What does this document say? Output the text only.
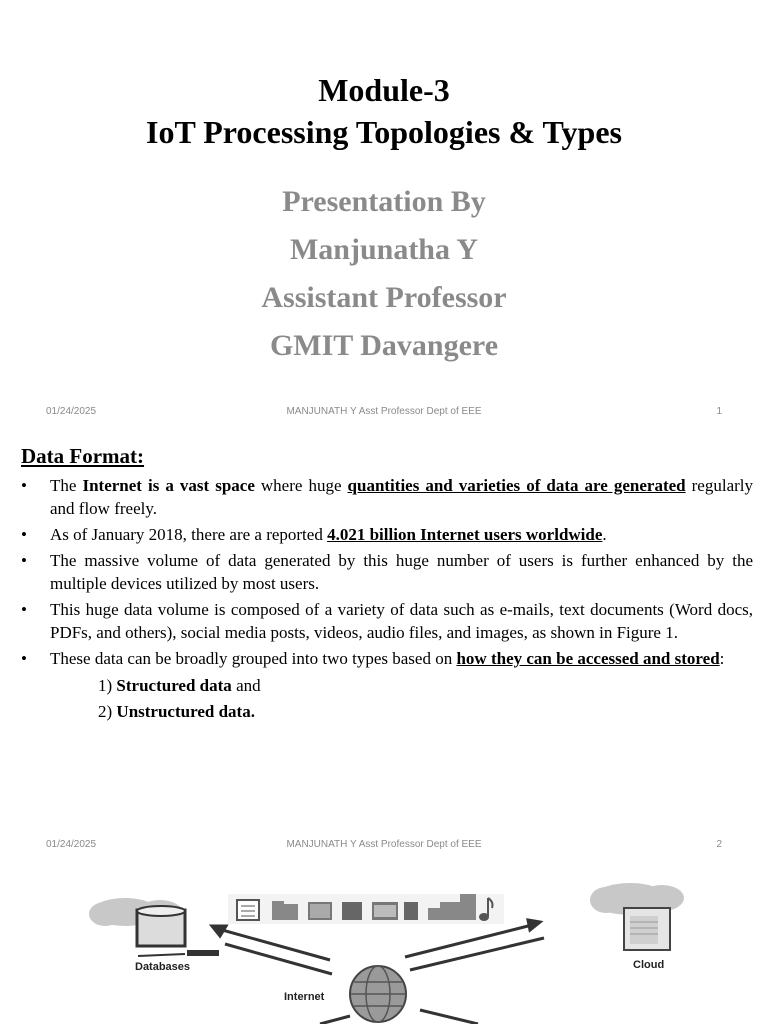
Module-3
IoT Processing Topologies & Types
Presentation By
Manjunatha Y
Assistant Professor
GMIT Davangere
01/24/2025	MANJUNATH Y Asst Professor Dept of EEE	1
Data Format:
• The Internet is a vast space where huge quantities and varieties of data are generated regularly and flow freely.
• As of January 2018, there are a reported 4.021 billion Internet users worldwide.
• The massive volume of data generated by this huge number of users is further enhanced by the multiple devices utilized by most users.
• This huge data volume is composed of a variety of data such as e-mails, text documents (Word docs, PDFs, and others), social media posts, videos, audio files, and images, as shown in Figure 1.
• These data can be broadly grouped into two types based on how they can be accessed and stored:
1) Structured data and
2) Unstructured data.
01/24/2025	MANJUNATH Y Asst Professor Dept of EEE	2
Databases	Cloud
Internet
